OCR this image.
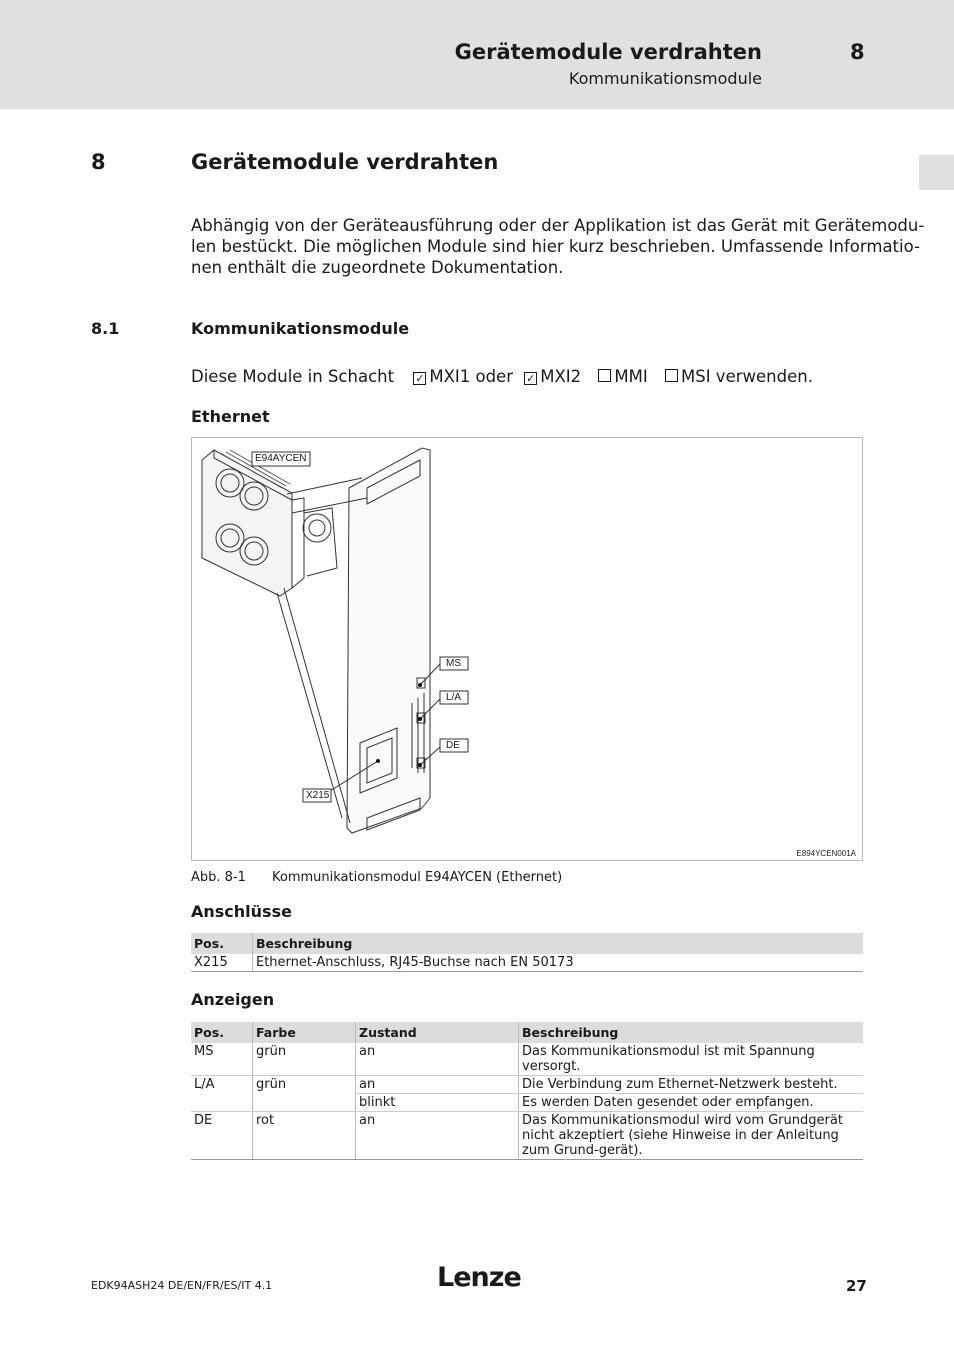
Gerätemodule verdrahten	8
Kommunikationsmodule
8	Gerätemodule verdrahten
Abhängig von der Geräteausführung oder der Applikation ist das Gerät mit Gerätemodu-
len bestückt. Die möglichen Module sind hier kurz beschrieben. Umfassende Informatio-
nen enthält die zugeordnete Dokumentation.
8.1	Kommunikationsmodule
Diese Module in Schacht ✓ MXI1 oder ✓ MXI2 MMI MSI verwenden.
Ethernet
E94AYCEN
MS
L/A
DE
X215
E894YCEN001A
Abb. 8-1 Kommunikationsmodul E94AYCEN (Ethernet)
Anschlüsse
Pos.	Beschreibung
X215	Ethernet-Anschluss, RJ45-Buchse nach EN 50173
Anzeigen
Pos.	Farbe	Zustand	Beschreibung
MS	grün	an	Das Kommunikationsmodul ist mit Spannung versorgt.
L/A	grün	an	Die Verbindung zum Ethernet-Netzwerk besteht.
		blinkt	Es werden Daten gesendet oder empfangen.
DE	rot	an	Das Kommunikationsmodul wird vom Grundgerät nicht akzeptiert (siehe Hinweise in der Anleitung zum Grund-gerät).
EDK94ASH24 DE/EN/FR/ES/IT 4.1	Lenze	27
